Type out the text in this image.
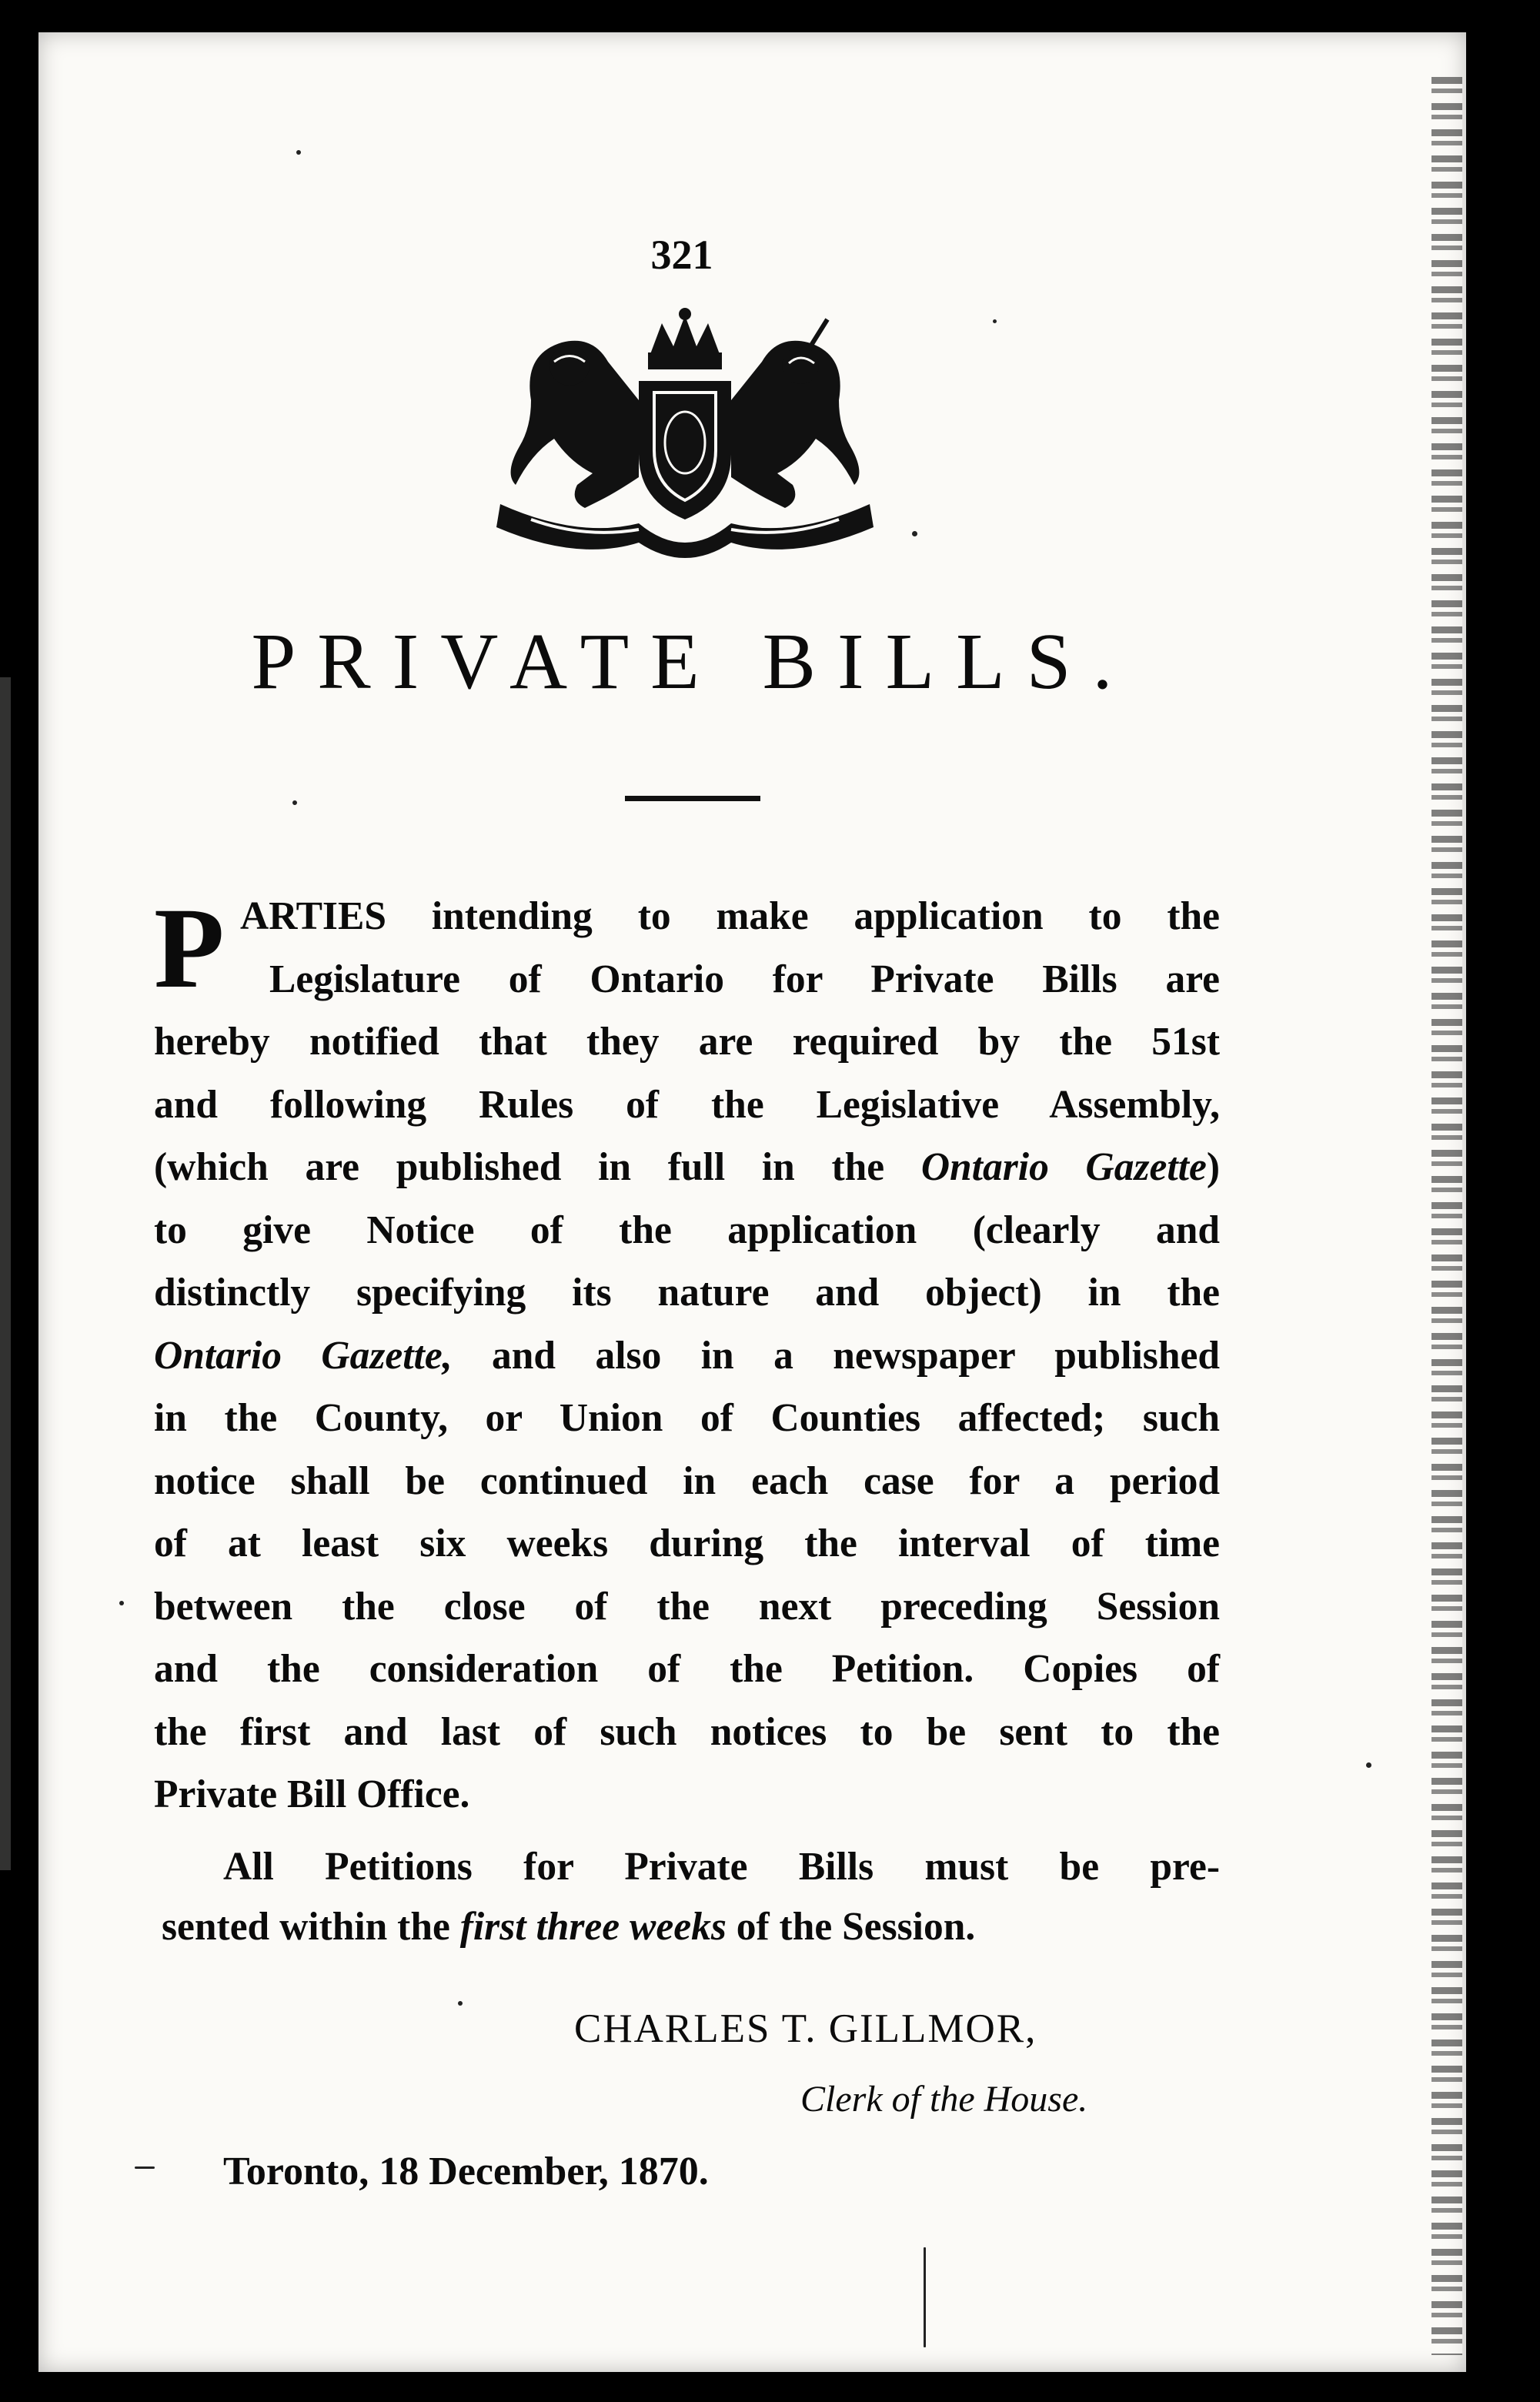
321
PRIVATE BILLS.
P ARTIES intending to make application to the
Legislature of Ontario for Private Bills are
hereby notified that they are required by the 51st
and following Rules of the Legislative Assembly,
(which are published in full in the Ontario Gazette)
to give Notice of the application (clearly and
distinctly specifying its nature and object) in the
Ontario Gazette, and also in a newspaper published
in the County, or Union of Counties affected; such
notice shall be continued in each case for a period
of at least six weeks during the interval of time
between the close of the next preceding Session
and the consideration of the Petition. Copies of
the first and last of such notices to be sent to the
Private Bill Office.
All Petitions for Private Bills must be pre-
sented within the first three weeks of the Session.
CHARLES T. GILLMOR,
Clerk of the House.
Toronto, 18 December, 1870.
